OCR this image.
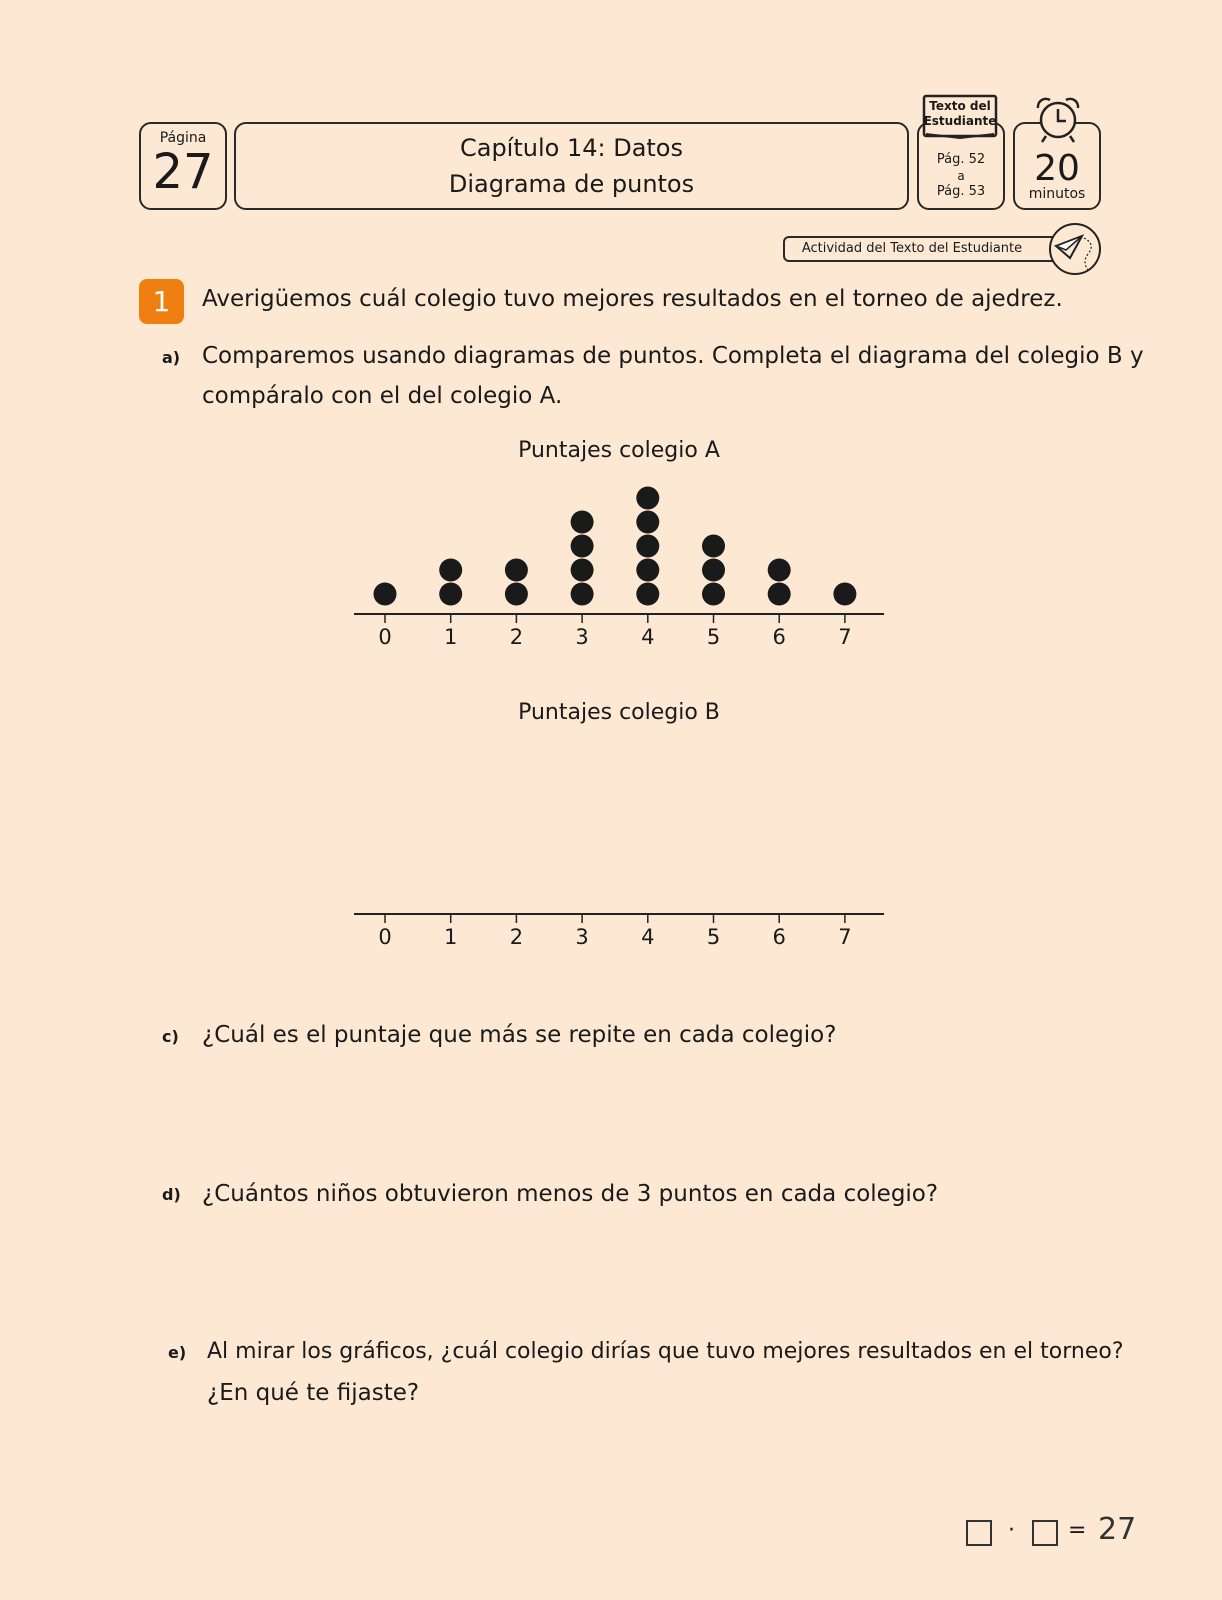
Página
27	Capítulo 14: Datos
Diagrama de puntos
Pág. 52
a
Pág. 53
Texto del
Estudiante
20
minutos
Actividad del Texto del Estudiante
1	Averigüemos cuál colegio tuvo mejores resultados en el torneo de ajedrez.
a) Comparemos usando diagramas de puntos. Completa el diagrama del colegio B y
compáralo con el del colegio A.
Puntajes colegio A
0 1 2 3 4 5 6 7
Puntajes colegio B
0 1 2 3 4 5 6 7
c) ¿Cuál es el puntaje que más se repite en cada colegio?
d) ¿Cuántos niños obtuvieron menos de 3 puntos en cada colegio?
e) Al mirar los gráficos, ¿cuál colegio dirías que tuvo mejores resultados en el torneo?
¿En qué te fijaste?
· = 27
